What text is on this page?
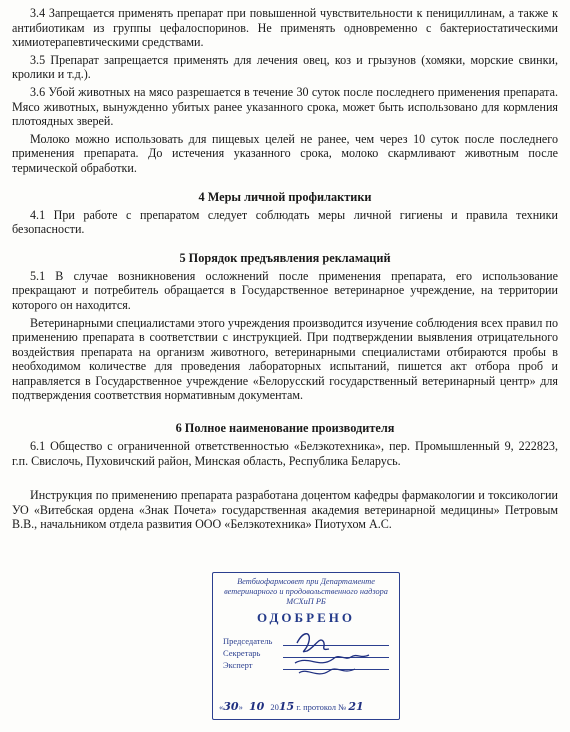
3.4 Запрещается применять препарат при повышенной чувствительности к пенициллинам, а также к антибиотикам из группы цефалоспоринов. Не применять одновременно с бактериостатическими химиотерапевтическими средствами.

3.5 Препарат запрещается применять для лечения овец, коз и грызунов (хомяки, морские свинки, кролики и т.д.).

3.6 Убой животных на мясо разрешается в течение 30 суток после последнего применения препарата. Мясо животных, вынужденно убитых ранее указанного срока, может быть использовано для кормления плотоядных зверей.

Молоко можно использовать для пищевых целей не ранее, чем через 10 суток после последнего применения препарата. До истечения указанного срока, молоко скармливают животным после термической обработки.

4 Меры личной профилактики

4.1 При работе с препаратом следует соблюдать меры личной гигиены и правила техники безопасности.

5 Порядок предъявления рекламаций

5.1 В случае возникновения осложнений после применения препарата, его использование прекращают и потребитель обращается в Государственное ветеринарное учреждение, на территории которого он находится.

Ветеринарными специалистами этого учреждения производится изучение соблюдения всех правил по применению препарата в соответствии с инструкцией. При подтверждении выявления отрицательного воздействия препарата на организм животного, ветеринарными специалистами отбираются пробы в необходимом количестве для проведения лабораторных испытаний, пишется акт отбора проб и направляется в Государственное учреждение «Белорусский государственный ветеринарный центр» для подтверждения соответствия нормативным документам.

6 Полное наименование производителя

6.1 Общество с ограниченной ответственностью «Белэкотехника», пер. Промышленный 9, 222823, г.п. Свислочь, Пуховичский район, Минская область, Республика Беларусь.

Инструкция по применению препарата разработана доцентом кафедры фармакологии и токсикологии УО «Витебская ордена «Знак Почета» государственная академия ветеринарной медицины» Петровым В.В., начальником отдела развития ООО «Белэкотехника» Пиотухом А.С.

Ветбиофармсовет при Департаменте ветеринарного и продовольственного надзора МСХиП РБ
ОДОБРЕНО
Председатель
Секретарь
Эксперт
«30» 10 2015 г. протокол № 21
